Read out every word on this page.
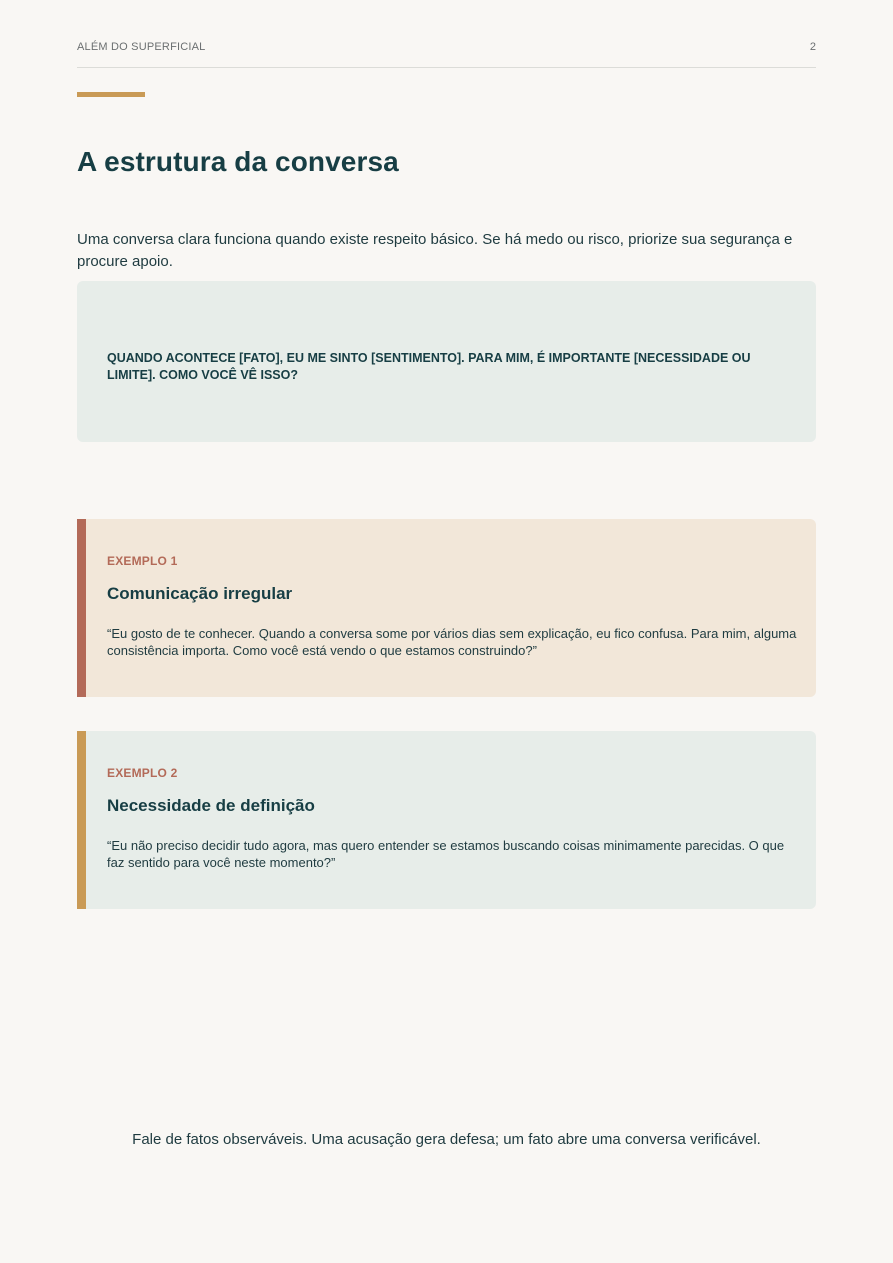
ALÉM DO SUPERFICIAL	2
A estrutura da conversa

Uma conversa clara funciona quando existe respeito básico. Se há medo ou risco, priorize sua segurança e procure apoio.

QUANDO ACONTECE [FATO], EU ME SINTO [SENTIMENTO]. PARA MIM, É IMPORTANTE [NECESSIDADE OU LIMITE]. COMO VOCÊ VÊ ISSO?

EXEMPLO 1
Comunicação irregular

“Eu gosto de te conhecer. Quando a conversa some por vários dias sem explicação, eu fico confusa. Para mim, alguma consistência importa. Como você está vendo o que estamos construindo?”

EXEMPLO 2
Necessidade de definição

“Eu não preciso decidir tudo agora, mas quero entender se estamos buscando coisas minimamente parecidas. O que faz sentido para você neste momento?”

Fale de fatos observáveis. Uma acusação gera defesa; um fato abre uma conversa verificável.
